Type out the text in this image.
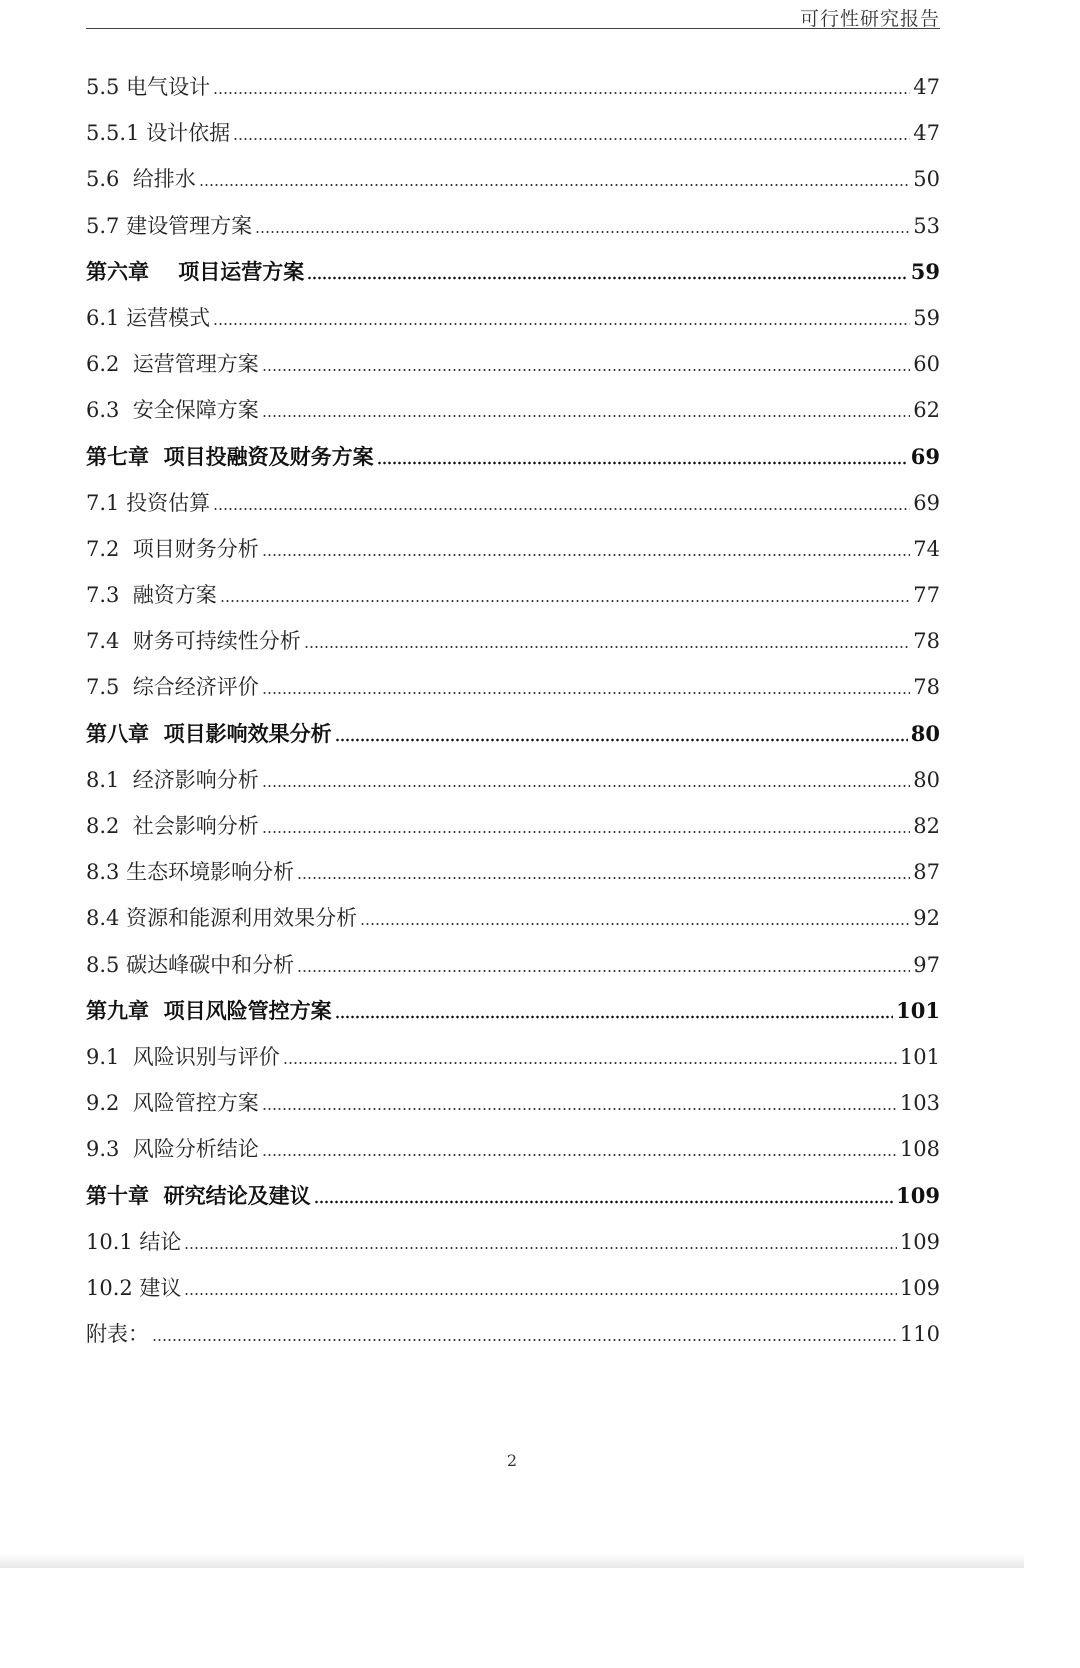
可行性研究报告
5.5 电气设计	47
5.5.1 设计依据	47
5.6  给排水	50
5.7 建设管理方案	53
第六章    项目运营方案	59
6.1 运营模式	59
6.2  运营管理方案	60
6.3  安全保障方案	62
第七章  项目投融资及财务方案	69
7.1 投资估算	69
7.2  项目财务分析	74
7.3  融资方案	77
7.4  财务可持续性分析	78
7.5  综合经济评价	78
第八章  项目影响效果分析	80
8.1  经济影响分析	80
8.2  社会影响分析	82
8.3 生态环境影响分析	87
8.4 资源和能源利用效果分析	92
8.5 碳达峰碳中和分析	97
第九章  项目风险管控方案	101
9.1  风险识别与评价	101
9.2  风险管控方案	103
9.3  风险分析结论	108
第十章  研究结论及建议	109
10.1 结论	109
10.2 建议	109
附表：	110
2
